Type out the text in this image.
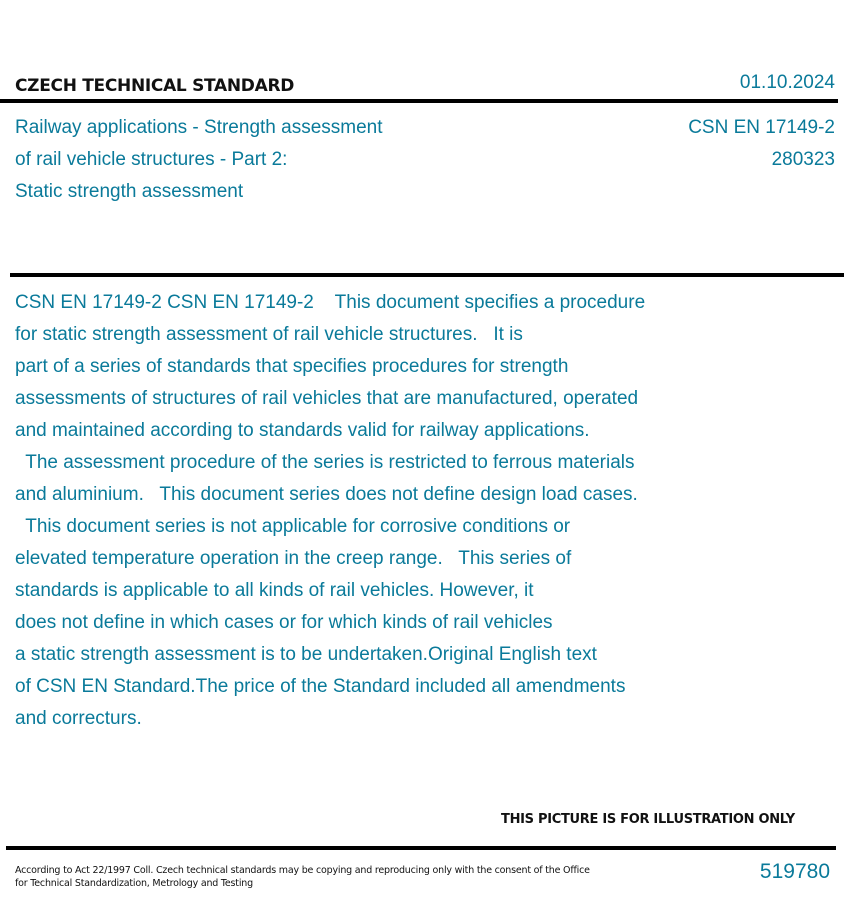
CZECH TECHNICAL STANDARD	01.10.2024
Railway applications - Strength assessment
of rail vehicle structures - Part 2:
Static strength assessment
CSN EN 17149-2
280323
CSN EN 17149-2 CSN EN 17149-2    This document specifies a procedure
for static strength assessment of rail vehicle structures.   It is
part of a series of standards that specifies procedures for strength
assessments of structures of rail vehicles that are manufactured, operated
and maintained according to standards valid for railway applications.
The assessment procedure of the series is restricted to ferrous materials
and aluminium.   This document series does not define design load cases.
This document series is not applicable for corrosive conditions or
elevated temperature operation in the creep range.   This series of
standards is applicable to all kinds of rail vehicles. However, it
does not define in which cases or for which kinds of rail vehicles
a static strength assessment is to be undertaken.Original English text
of CSN EN Standard.The price of the Standard included all amendments
and correcturs.
THIS PICTURE IS FOR ILLUSTRATION ONLY
According to Act 22/1997 Coll. Czech technical standards may be copying and reproducing only with the consent of the Office
for Technical Standardization, Metrology and Testing
519780
